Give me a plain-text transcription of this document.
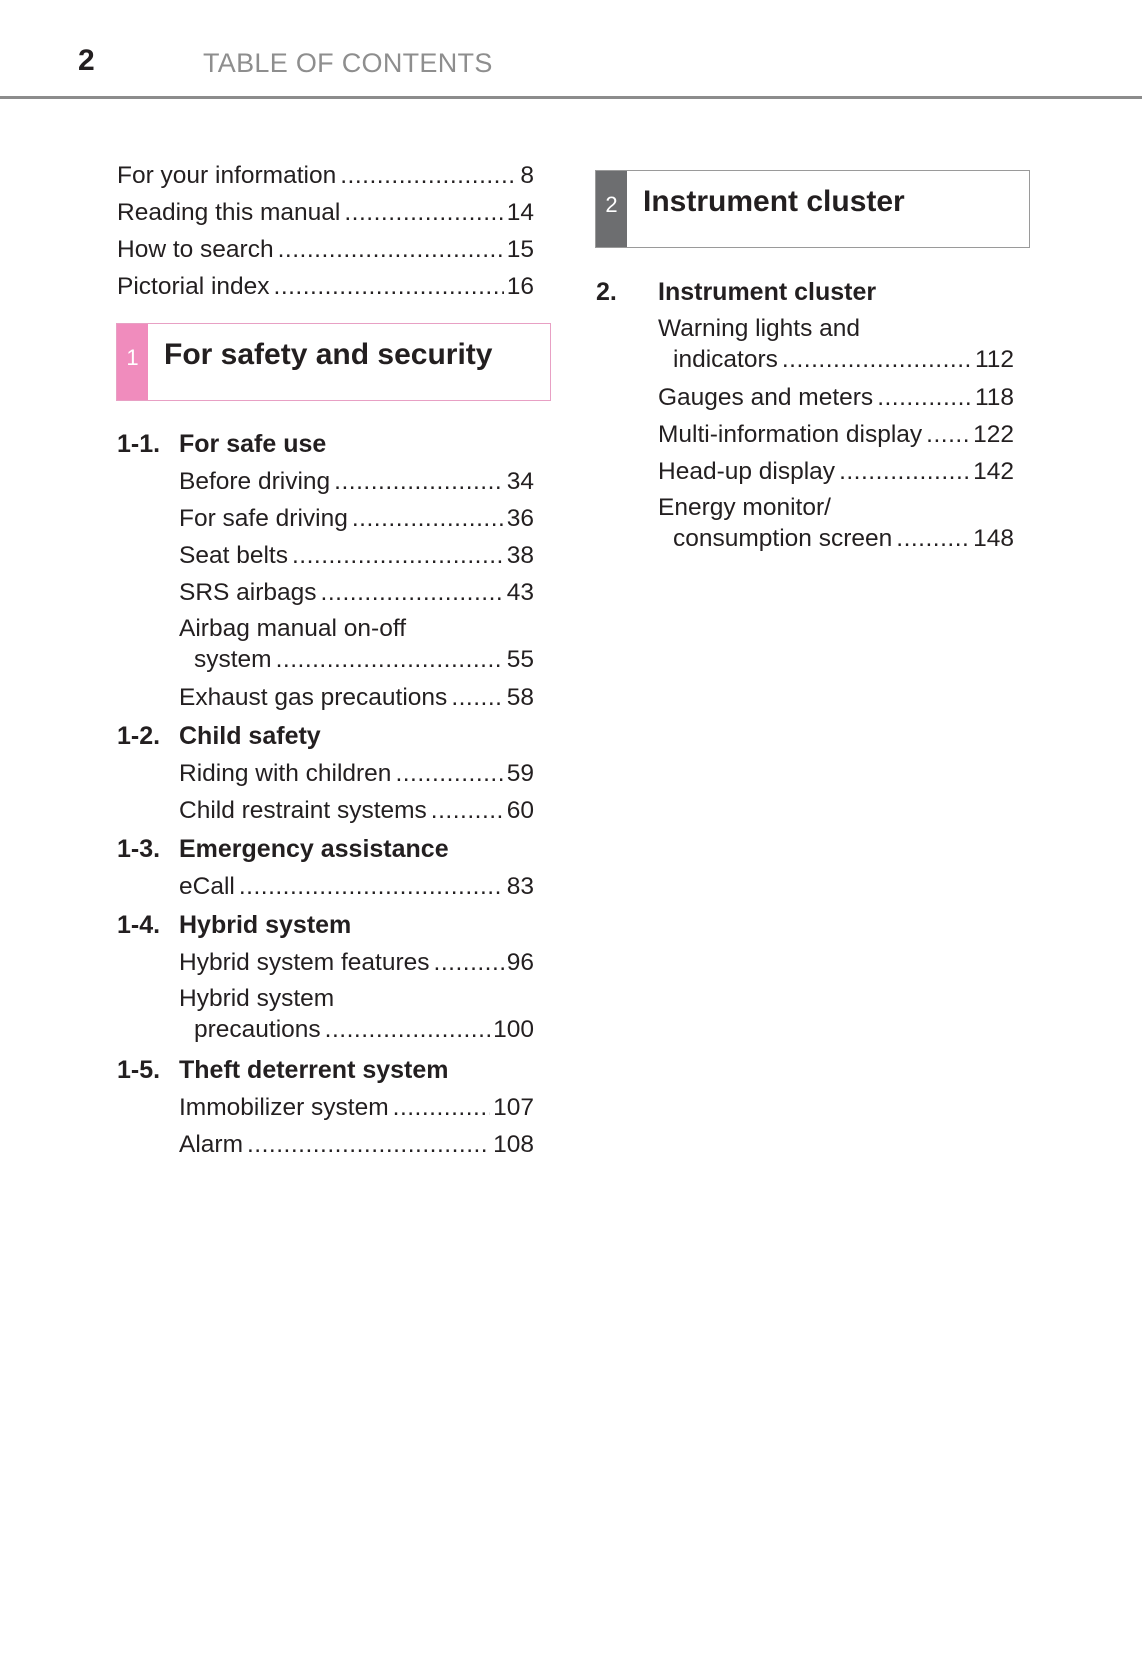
2	TABLE OF CONTENTS
For your information .....	8
Reading this manual .....	14
How to search .....	15
Pictorial index .....	16
1 For safety and security
1-1. For safe use
Before driving .....	34
For safe driving .....	36
Seat belts .....	38
SRS airbags .....	43
Airbag manual on-off
system .....	55
Exhaust gas precautions ..... 58
1-2. Child safety
Riding with children .....	59
Child restraint systems .....	60
1-3. Emergency assistance
eCall .....	83
1-4. Hybrid system
Hybrid system features .....	96
Hybrid system
precautions .....	100
1-5. Theft deterrent system
Immobilizer system .....	107
Alarm .....	108
2 Instrument cluster
2. Instrument cluster
Warning lights and
indicators .....	112
Gauges and meters .....	118
Multi-information display ..... 122
Head-up display .....	142
Energy monitor/
consumption screen .....	148
